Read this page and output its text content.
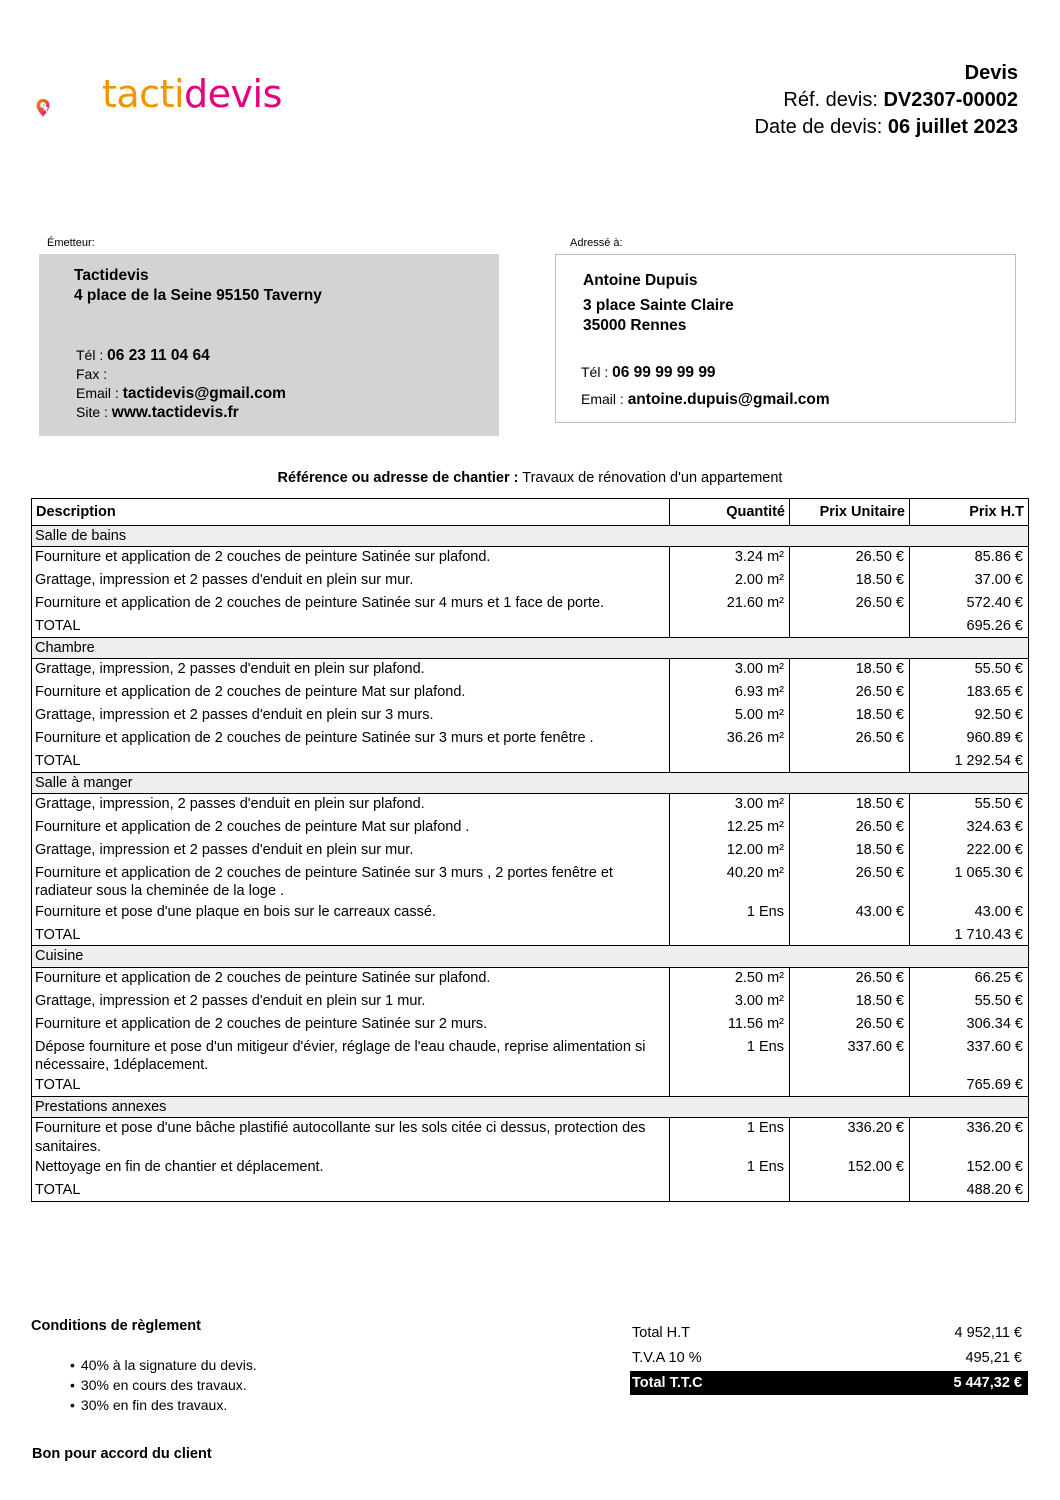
tactidevis	Devis
Réf. devis: DV2307-00002
Date de devis: 06 juillet 2023
Émetteur:
Tactidevis
4 place de la Seine 95150 Taverny
Tél : 06 23 11 04 64
Fax :
Email : tactidevis@gmail.com
Site : www.tactidevis.fr
Adressé à:
Antoine Dupuis
3 place Sainte Claire
35000 Rennes
Tél : 06 99 99 99 99
Email : antoine.dupuis@gmail.com
Référence ou adresse de chantier : Travaux de rénovation d'un appartement
Description	Quantité	Prix Unitaire	Prix H.T
Salle de bains			
Fourniture et application de 2 couches de peinture Satinée sur plafond.	3.24 m²	26.50 €	85.86 €
Grattage, impression et 2 passes d'enduit en plein sur mur.	2.00 m²	18.50 €	37.00 €
Fourniture et application de 2 couches de peinture Satinée sur 4 murs et 1 face de porte.	21.60 m²	26.50 €	572.40 €
TOTAL			695.26 €
Chambre			
Grattage, impression, 2 passes d'enduit en plein sur plafond.	3.00 m²	18.50 €	55.50 €
Fourniture et application de 2 couches de peinture Mat sur plafond.	6.93 m²	26.50 €	183.65 €
Grattage, impression et 2 passes d'enduit en plein sur 3 murs.	5.00 m²	18.50 €	92.50 €
Fourniture et application de 2 couches de peinture Satinée sur 3 murs et porte fenêtre .	36.26 m²	26.50 €	960.89 €
TOTAL			1 292.54 €
Salle à manger			
Grattage, impression, 2 passes d'enduit en plein sur plafond.	3.00 m²	18.50 €	55.50 €
Fourniture et application de 2 couches de peinture Mat sur plafond .	12.25 m²	26.50 €	324.63 €
Grattage, impression et 2 passes d'enduit en plein sur mur.	12.00 m²	18.50 €	222.00 €
Fourniture et application de 2 couches de peinture Satinée sur 3 murs , 2 portes fenêtre et radiateur sous la cheminée de la loge .	40.20 m²	26.50 €	1 065.30 €
Fourniture et pose d'une plaque en bois sur le carreaux cassé.	1 Ens	43.00 €	43.00 €
TOTAL			1 710.43 €
Cuisine			
Fourniture et application de 2 couches de peinture Satinée sur plafond.	2.50 m²	26.50 €	66.25 €
Grattage, impression et 2 passes d'enduit en plein sur 1 mur.	3.00 m²	18.50 €	55.50 €
Fourniture et application de 2 couches de peinture Satinée sur 2 murs.	11.56 m²	26.50 €	306.34 €
Dépose fourniture et pose d'un mitigeur d'évier, réglage de l'eau chaude, reprise alimentation si nécessaire, 1déplacement.	1 Ens	337.60 €	337.60 €
TOTAL			765.69 €
Prestations annexes			
Fourniture et pose d'une bâche plastifié autocollante sur les sols citée ci dessus, protection des sanitaires.	1 Ens	336.20 €	336.20 €
Nettoyage en fin de chantier et déplacement.	1 Ens	152.00 €	152.00 €
TOTAL			488.20 €
Conditions de règlement
• 40% à la signature du devis.
• 30% en cours des travaux.
• 30% en fin des travaux.
Total H.T	4 952,11 €
T.V.A 10 %	495,21 €
Total T.T.C	5 447,32 €
Bon pour accord du client
